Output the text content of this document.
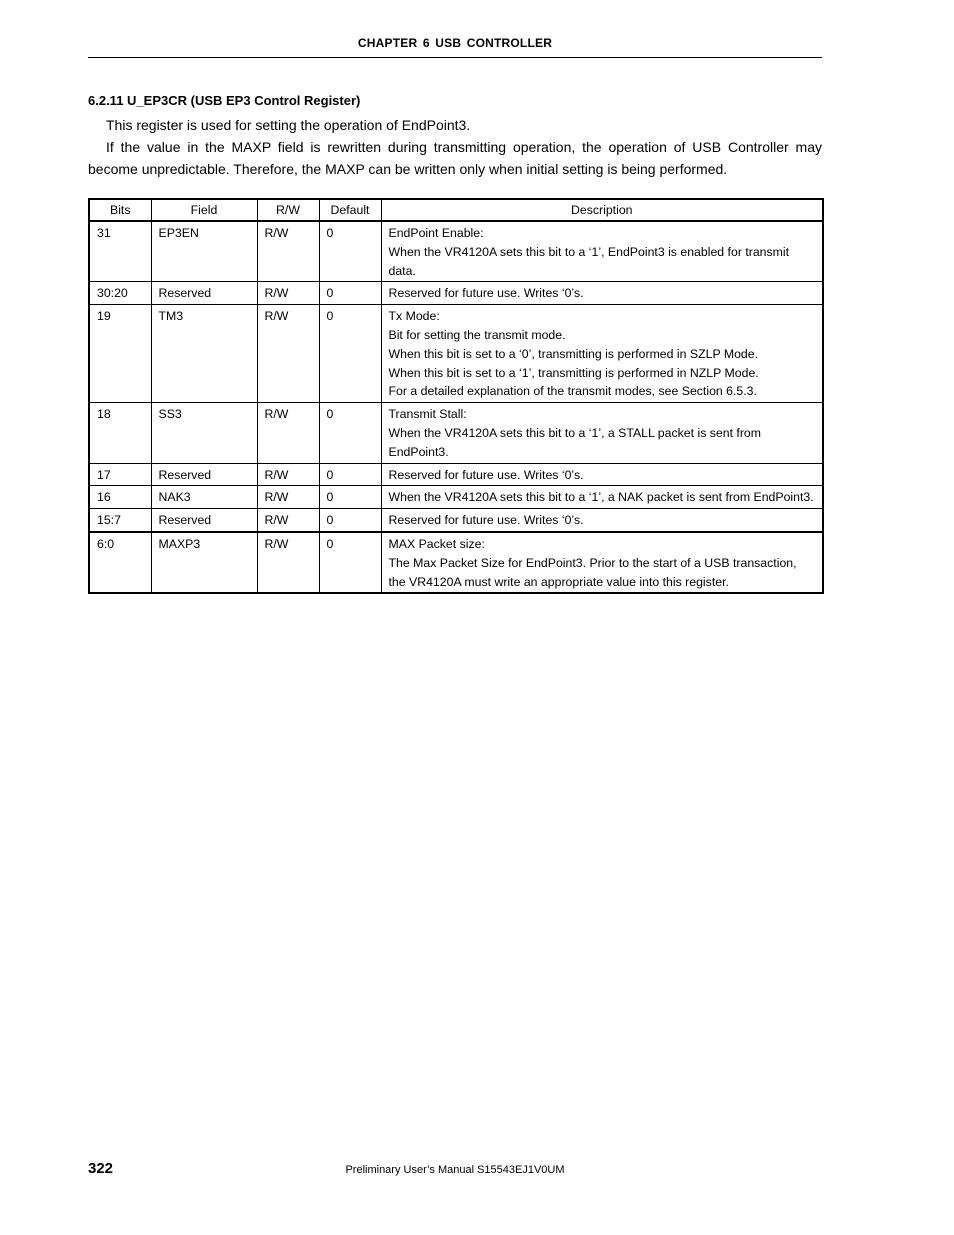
CHAPTER 6 USB CONTROLLER
6.2.11 U_EP3CR (USB EP3 Control Register)

This register is used for setting the operation of EndPoint3.

If the value in the MAXP field is rewritten during transmitting operation, the operation of USB Controller may become unpredictable. Therefore, the MAXP can be written only when initial setting is being performed.

Bits	Field	R/W	Default	Description
31	EP3EN	R/W	0	EndPoint Enable:
When the VR4120A sets this bit to a ‘1’, EndPoint3 is enabled for transmit data.

30:20	Reserved	R/W	0	Reserved for future use. Writes ‘0’s.

19	TM3	R/W	0	Tx Mode:
Bit for setting the transmit mode.
When this bit is set to a ‘0’, transmitting is performed in SZLP Mode.
When this bit is set to a ‘1’, transmitting is performed in NZLP Mode.
For a detailed explanation of the transmit modes, see Section 6.5.3.

18	SS3	R/W	0	Transmit Stall:
When the VR4120A sets this bit to a ‘1’, a STALL packet is sent from EndPoint3.

17	Reserved	R/W	0	Reserved for future use. Writes ‘0’s.

16	NAK3	R/W	0	When the VR4120A sets this bit to a ‘1’, a NAK packet is sent from EndPoint3.

15:7	Reserved	R/W	0	Reserved for future use. Writes ‘0’s.

6:0	MAXP3	R/W	0	MAX Packet size:
The Max Packet Size for EndPoint3. Prior to the start of a USB transaction, the VR4120A must write an appropriate value into this register.
322	Preliminary User’s Manual S15543EJ1V0UM
